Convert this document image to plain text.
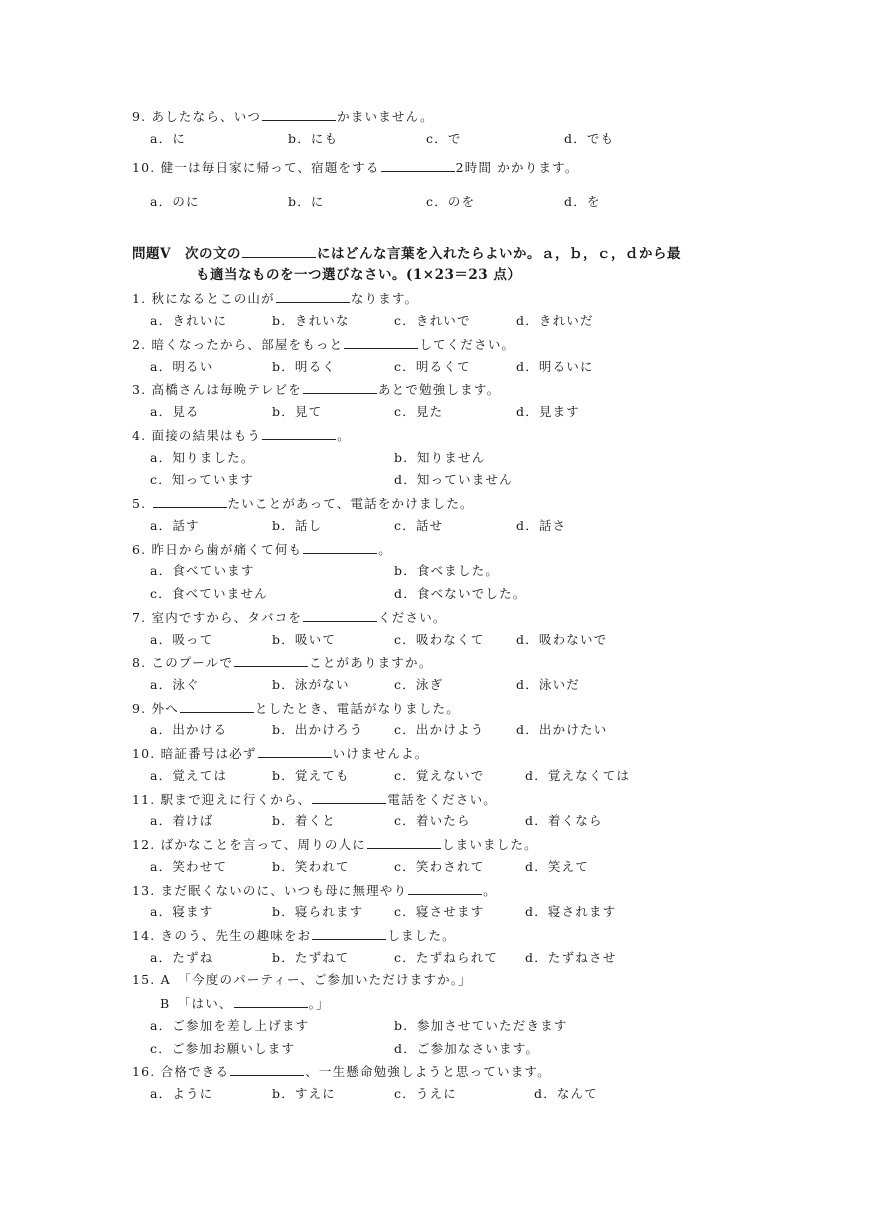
9. あしたなら、いつ	かまいません。
a．に	b．にも	c．で	d．でも
10. 健一は毎日家に帰って、宿題をする	2時間 かかります。
a．のに	b．に	c．のを	d．を
問題Ⅴ　次の文の	にはどんな言葉を入れたらよいか。ａ，ｂ，ｃ，ｄから最
も適当なものを一つ選びなさい。(1×23＝23 点）
1. 秋になるとこの山が	なります。
a．きれいに	b．きれいな	c．きれいで	d．きれいだ
2. 暗くなったから、部屋をもっと	してください。
a．明るい	b．明るく	c．明るくて	d．明るいに
3. 高橋さんは毎晩テレビを	あとで勉強します。
a．見る	b．見て	c．見た	d．見ます
4. 面接の結果はもう	。
a．知りました。	b．知りません
c．知っています	d．知っていません
5.	たいことがあって、電話をかけました。
a．話す	b．話し	c．話せ	d．話さ
6. 昨日から歯が痛くて何も	。
a．食べています	b．食べました。
c．食べていません	d．食べないでした。
7. 室内ですから、タバコを	ください。
a．吸って	b．吸いて	c．吸わなくて	d．吸わないで
8. このプールで	ことがありますか。
a．泳ぐ	b．泳がない	c．泳ぎ	d．泳いだ
9. 外へ	としたとき、電話がなりました。
a．出かける	b．出かけろう c．出かけよう	d．出かけたい
10. 暗証番号は必ず	いけませんよ。
a．覚えては	b．覚えても	c．覚えないで	d．覚えなくては
11. 駅まで迎えに行くから、	電話をください。
a．着けば	b．着くと	c．着いたら	d．着くなら
12. ばかなことを言って、周りの人に	しまいました。
a．笑わせて	b．笑われて	c．笑わされて	d．笑えて
13. まだ眠くないのに、いつも母に無理やり	。
a．寝ます	b．寝られます c．寝させます	d．寝されます
14. きのう、先生の趣味をお	しました。
a．たずね	b．たずねて	c．たずねられて d．たずねさせ
15. A　「今度のパーティー、ご参加いただけますか。」
B　「はい、	。」
a．ご参加を差し上げます	b．参加させていただきます
c．ご参加お願いします	d．ご参加なさいます。
16. 合格できる	、一生懸命勉強しようと思っています。
a．ように	b．すえに	c．うえに	d．なんて
